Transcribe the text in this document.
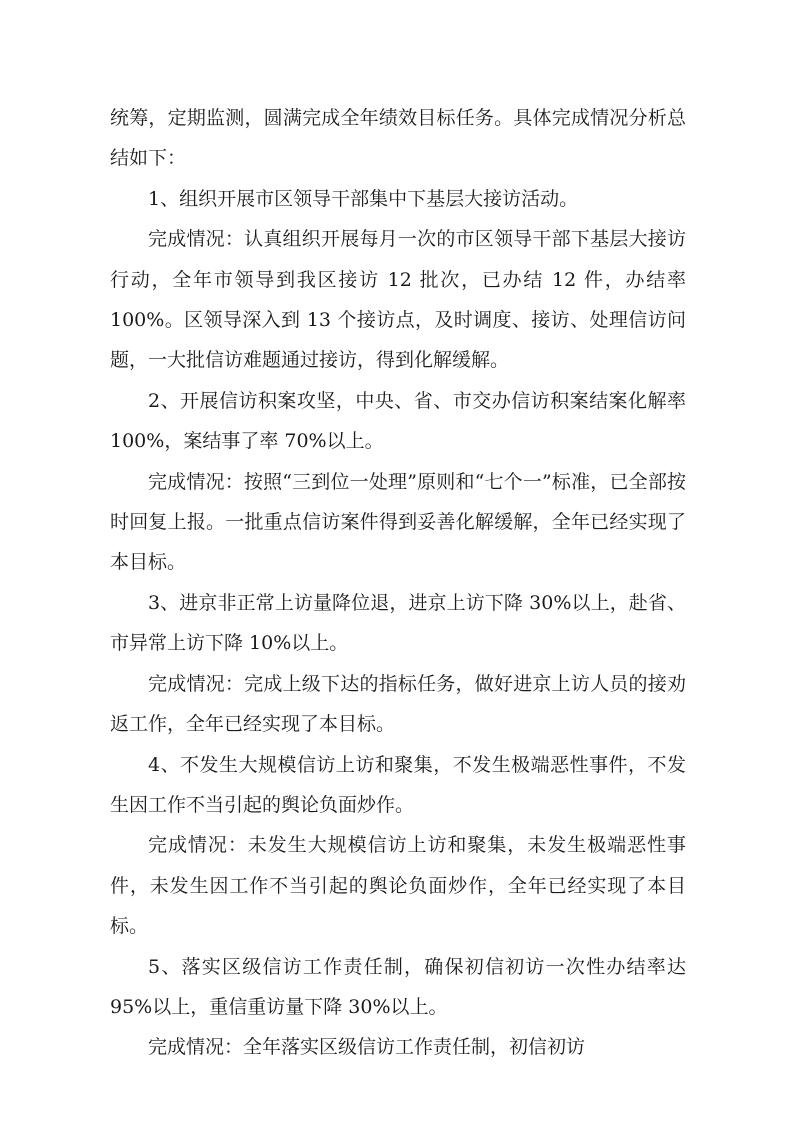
统筹，定期监测，圆满完成全年绩效目标任务。具体完成情况分析总结如下：

1、组织开展市区领导干部集中下基层大接访活动。

完成情况：认真组织开展每月一次的市区领导干部下基层大接访行动，全年市领导到我区接访 12 批次，已办结 12 件，办结率 100%。区领导深入到 13 个接访点，及时调度、接访、处理信访问题，一大批信访难题通过接访，得到化解缓解。

2、开展信访积案攻坚，中央、省、市交办信访积案结案化解率 100%，案结事了率 70%以上。

完成情况：按照“三到位一处理”原则和“七个一”标准，已全部按时回复上报。一批重点信访案件得到妥善化解缓解，全年已经实现了本目标。

3、进京非正常上访量降位退，进京上访下降 30%以上，赴省、市异常上访下降 10%以上。

完成情况：完成上级下达的指标任务，做好进京上访人员的接劝返工作，全年已经实现了本目标。

4、不发生大规模信访上访和聚集，不发生极端恶性事件，不发生因工作不当引起的舆论负面炒作。

完成情况：未发生大规模信访上访和聚集，未发生极端恶性事件，未发生因工作不当引起的舆论负面炒作，全年已经实现了本目标。

5、落实区级信访工作责任制，确保初信初访一次性办结率达 95%以上，重信重访量下降 30%以上。

完成情况：全年落实区级信访工作责任制，初信初访
